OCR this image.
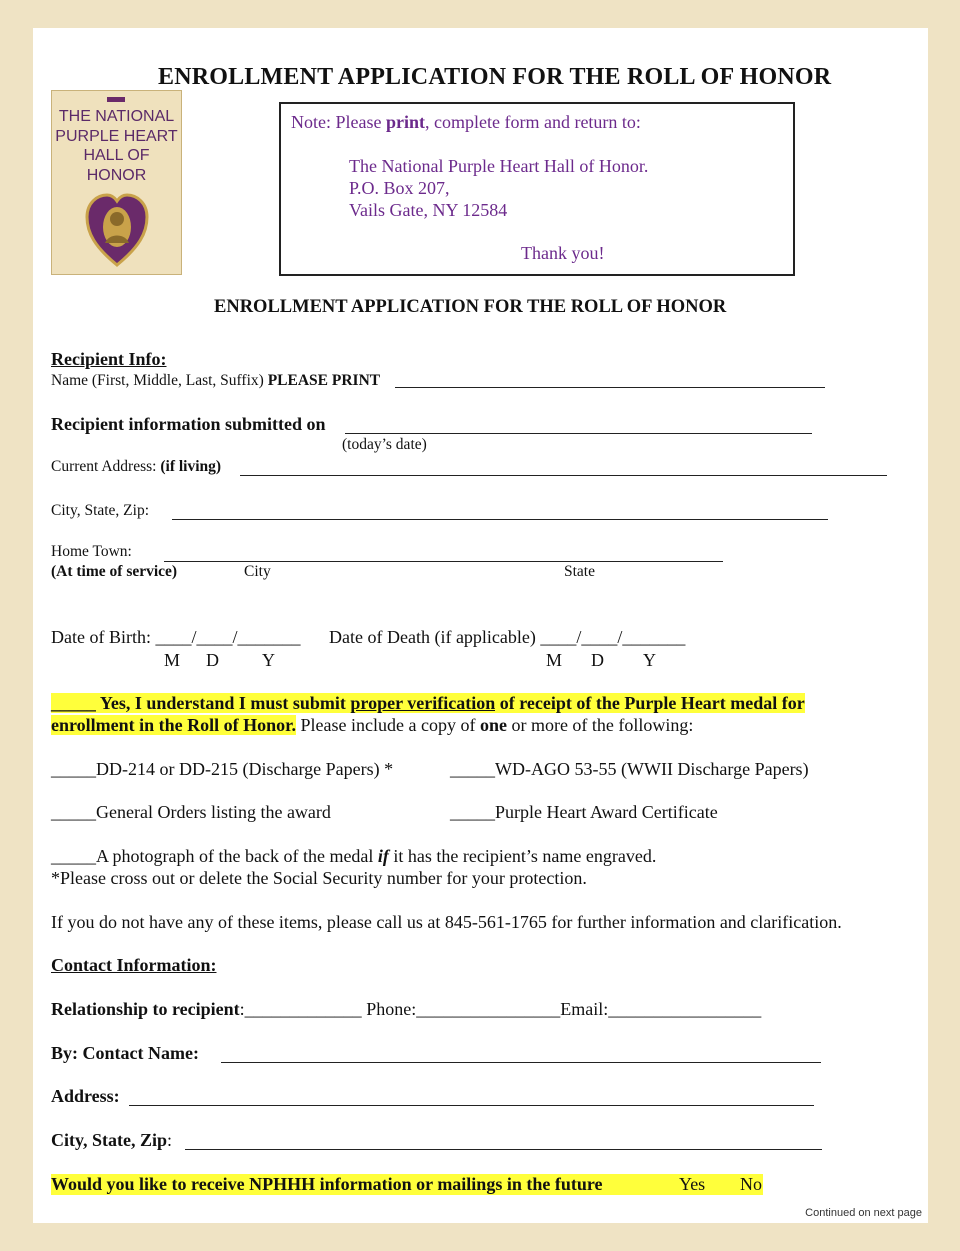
ENROLLMENT APPLICATION FOR THE ROLL OF HONOR
THE NATIONAL
PURPLE HEART
HALL OF
HONOR
Note: Please print, complete form and return to:
The National Purple Heart Hall of Honor.
P.O. Box 207,
Vails Gate, NY 12584
Thank you!
ENROLLMENT APPLICATION FOR THE ROLL OF HONOR
Recipient Info:
Name (First, Middle, Last, Suffix) PLEASE PRINT
Recipient information submitted on
(today’s date)
Current Address: (if living)
City, State, Zip:
Home Town:
(At time of service)	City	State
Date of Birth: ____/____/_______ Date of Death (if applicable) ____/____/_______
M D Y	M D Y
_____ Yes, I understand I must submit proper verification of receipt of the Purple Heart medal for
enrollment in the Roll of Honor. Please include a copy of one or more of the following:
_____DD-214 or DD-215 (Discharge Papers) *	_____WD-AGO 53-55 (WWII Discharge Papers)
_____General Orders listing the award	_____Purple Heart Award Certificate
_____A photograph of the back of the medal if it has the recipient’s name engraved.
*Please cross out or delete the Social Security number for your protection.
If you do not have any of these items, please call us at 845-561-1765 for further information and clarification.
Contact Information:
Relationship to recipient:_____________ Phone:________________Email:_________________
By: Contact Name:
Address:
City, State, Zip:
Would you like to receive NPHHH information or mailings in the future	Yes No
Continued on next page
